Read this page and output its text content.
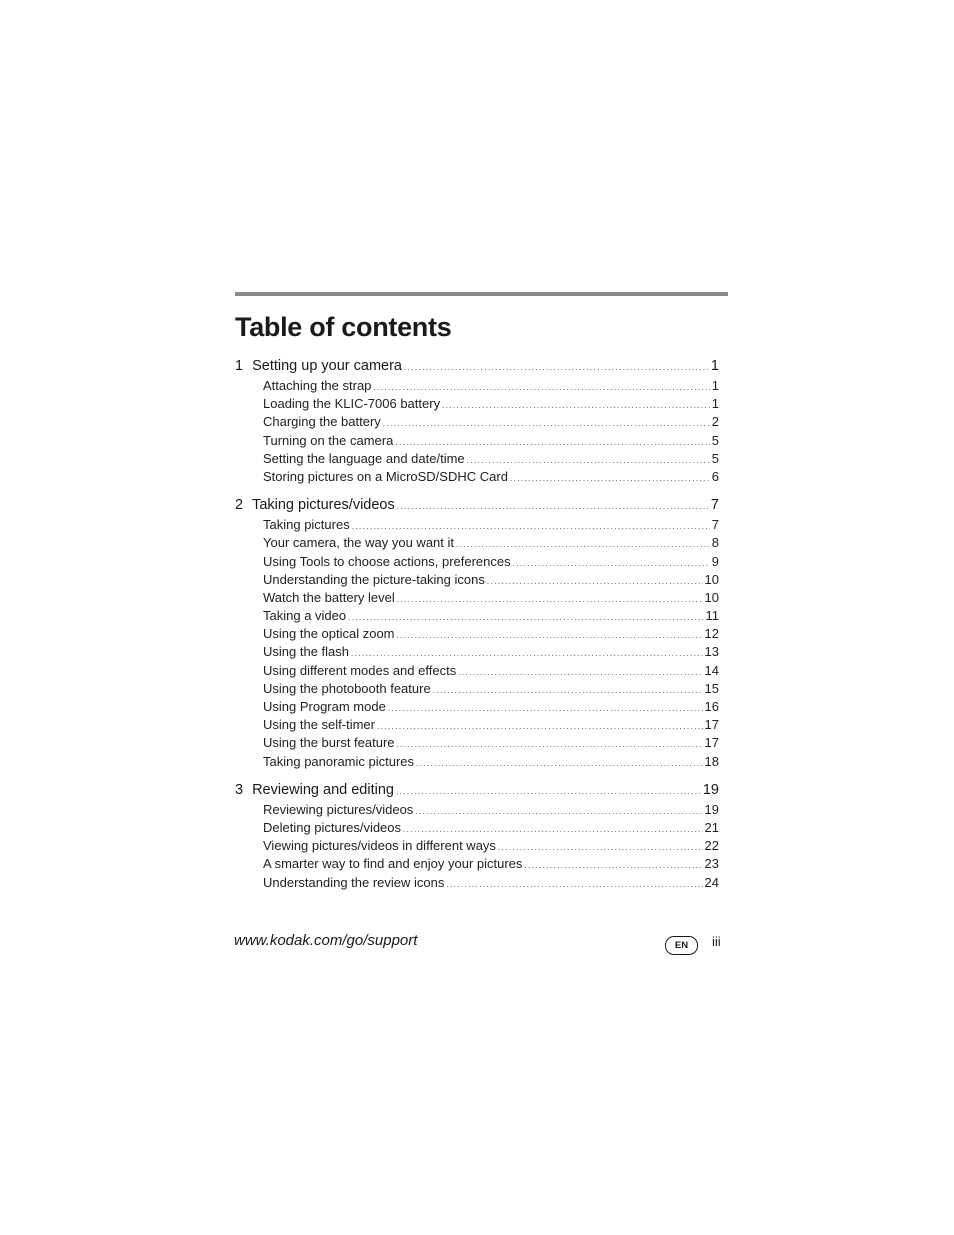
Table of contents
1 Setting up your camera . . .	1
Attaching the strap . . .	1
Loading the KLIC-7006 battery . . .	1
Charging the battery . . .	2
Turning on the camera . . .	5
Setting the language and date/time . . .	5
Storing pictures on a MicroSD/SDHC Card . . .	6
2 Taking pictures/videos . . .	7
Taking pictures . . .	7
Your camera, the way you want it . . .	8
Using Tools to choose actions, preferences . . .	9
Understanding the picture-taking icons . . .	10
Watch the battery level . . .	10
Taking a video . . .	11
Using the optical zoom . . .	12
Using the flash . . .	13
Using different modes and effects . . .	14
Using the photobooth feature . . .	15
Using Program mode . . .	16
Using the self-timer . . .	17
Using the burst feature . . .	17
Taking panoramic pictures . . .	18
3 Reviewing and editing . . .	19
Reviewing pictures/videos . . .	19
Deleting pictures/videos . . .	21
Viewing pictures/videos in different ways . . .	22
A smarter way to find and enjoy your pictures . . .	23
Understanding the review icons . . .	24
www.kodak.com/go/support	EN	iii
